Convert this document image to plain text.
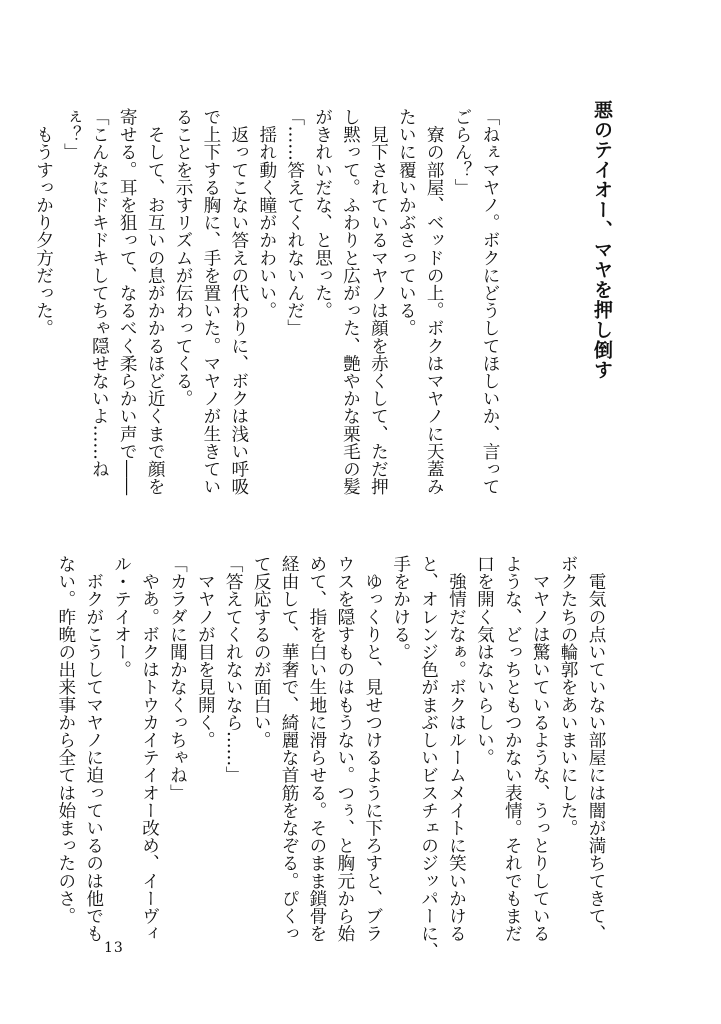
悪のテイオー、マヤを押し倒す
「ねぇマヤノ。ボクにどうしてほしいか、言って
ごらん？」
　寮の部屋、ベッドの上。ボクはマヤノに天蓋み
たいに覆いかぶさっている。
　見下されているマヤノは顔を赤くして、ただ押
し黙って。ふわりと広がった、艶やかな栗毛の髪
がきれいだな、と思った。
「……答えてくれないんだ」
　揺れ動く瞳がかわいい。
　返ってこない答えの代わりに、ボクは浅い呼吸
で上下する胸に、手を置いた。マヤノが生きてい
ることを示すリズムが伝わってくる。
　そして、お互いの息がかかるほど近くまで顔を
寄せる。耳を狙って、なるべく柔らかい声で――
「こんなにドキドキしてちゃ隠せないよ……ね
ぇ？」
　もうすっかり夕方だった。
　電気の点いていない部屋には闇が満ちてきて、
ボクたちの輪郭をあいまいにした。
　マヤノは驚いているような、うっとりしている
ような、どっちともつかない表情。それでもまだ
口を開く気はないらしい。
　強情だなぁ。ボクはルームメイトに笑いかける
と、オレンジ色がまぶしいビスチェのジッパーに、
手をかける。
　ゆっくりと、見せつけるように下ろすと、ブラ
ウスを隠すものはもうない。つぅ、と胸元から始
めて、指を白い生地に滑らせる。そのまま鎖骨を
経由して、華奢で、綺麗な首筋をなぞる。ぴくっ
て反応するのが面白い。
「答えてくれないなら……」
　マヤノが目を見開く。
「カラダに聞かなくっちゃね」
　やあ。ボクはトウカイテイオー改め、イーヴィ
ル・テイオー。
　ボクがこうしてマヤノに迫っているのは他でも
ない。昨晩の出来事から全ては始まったのさ。
13
